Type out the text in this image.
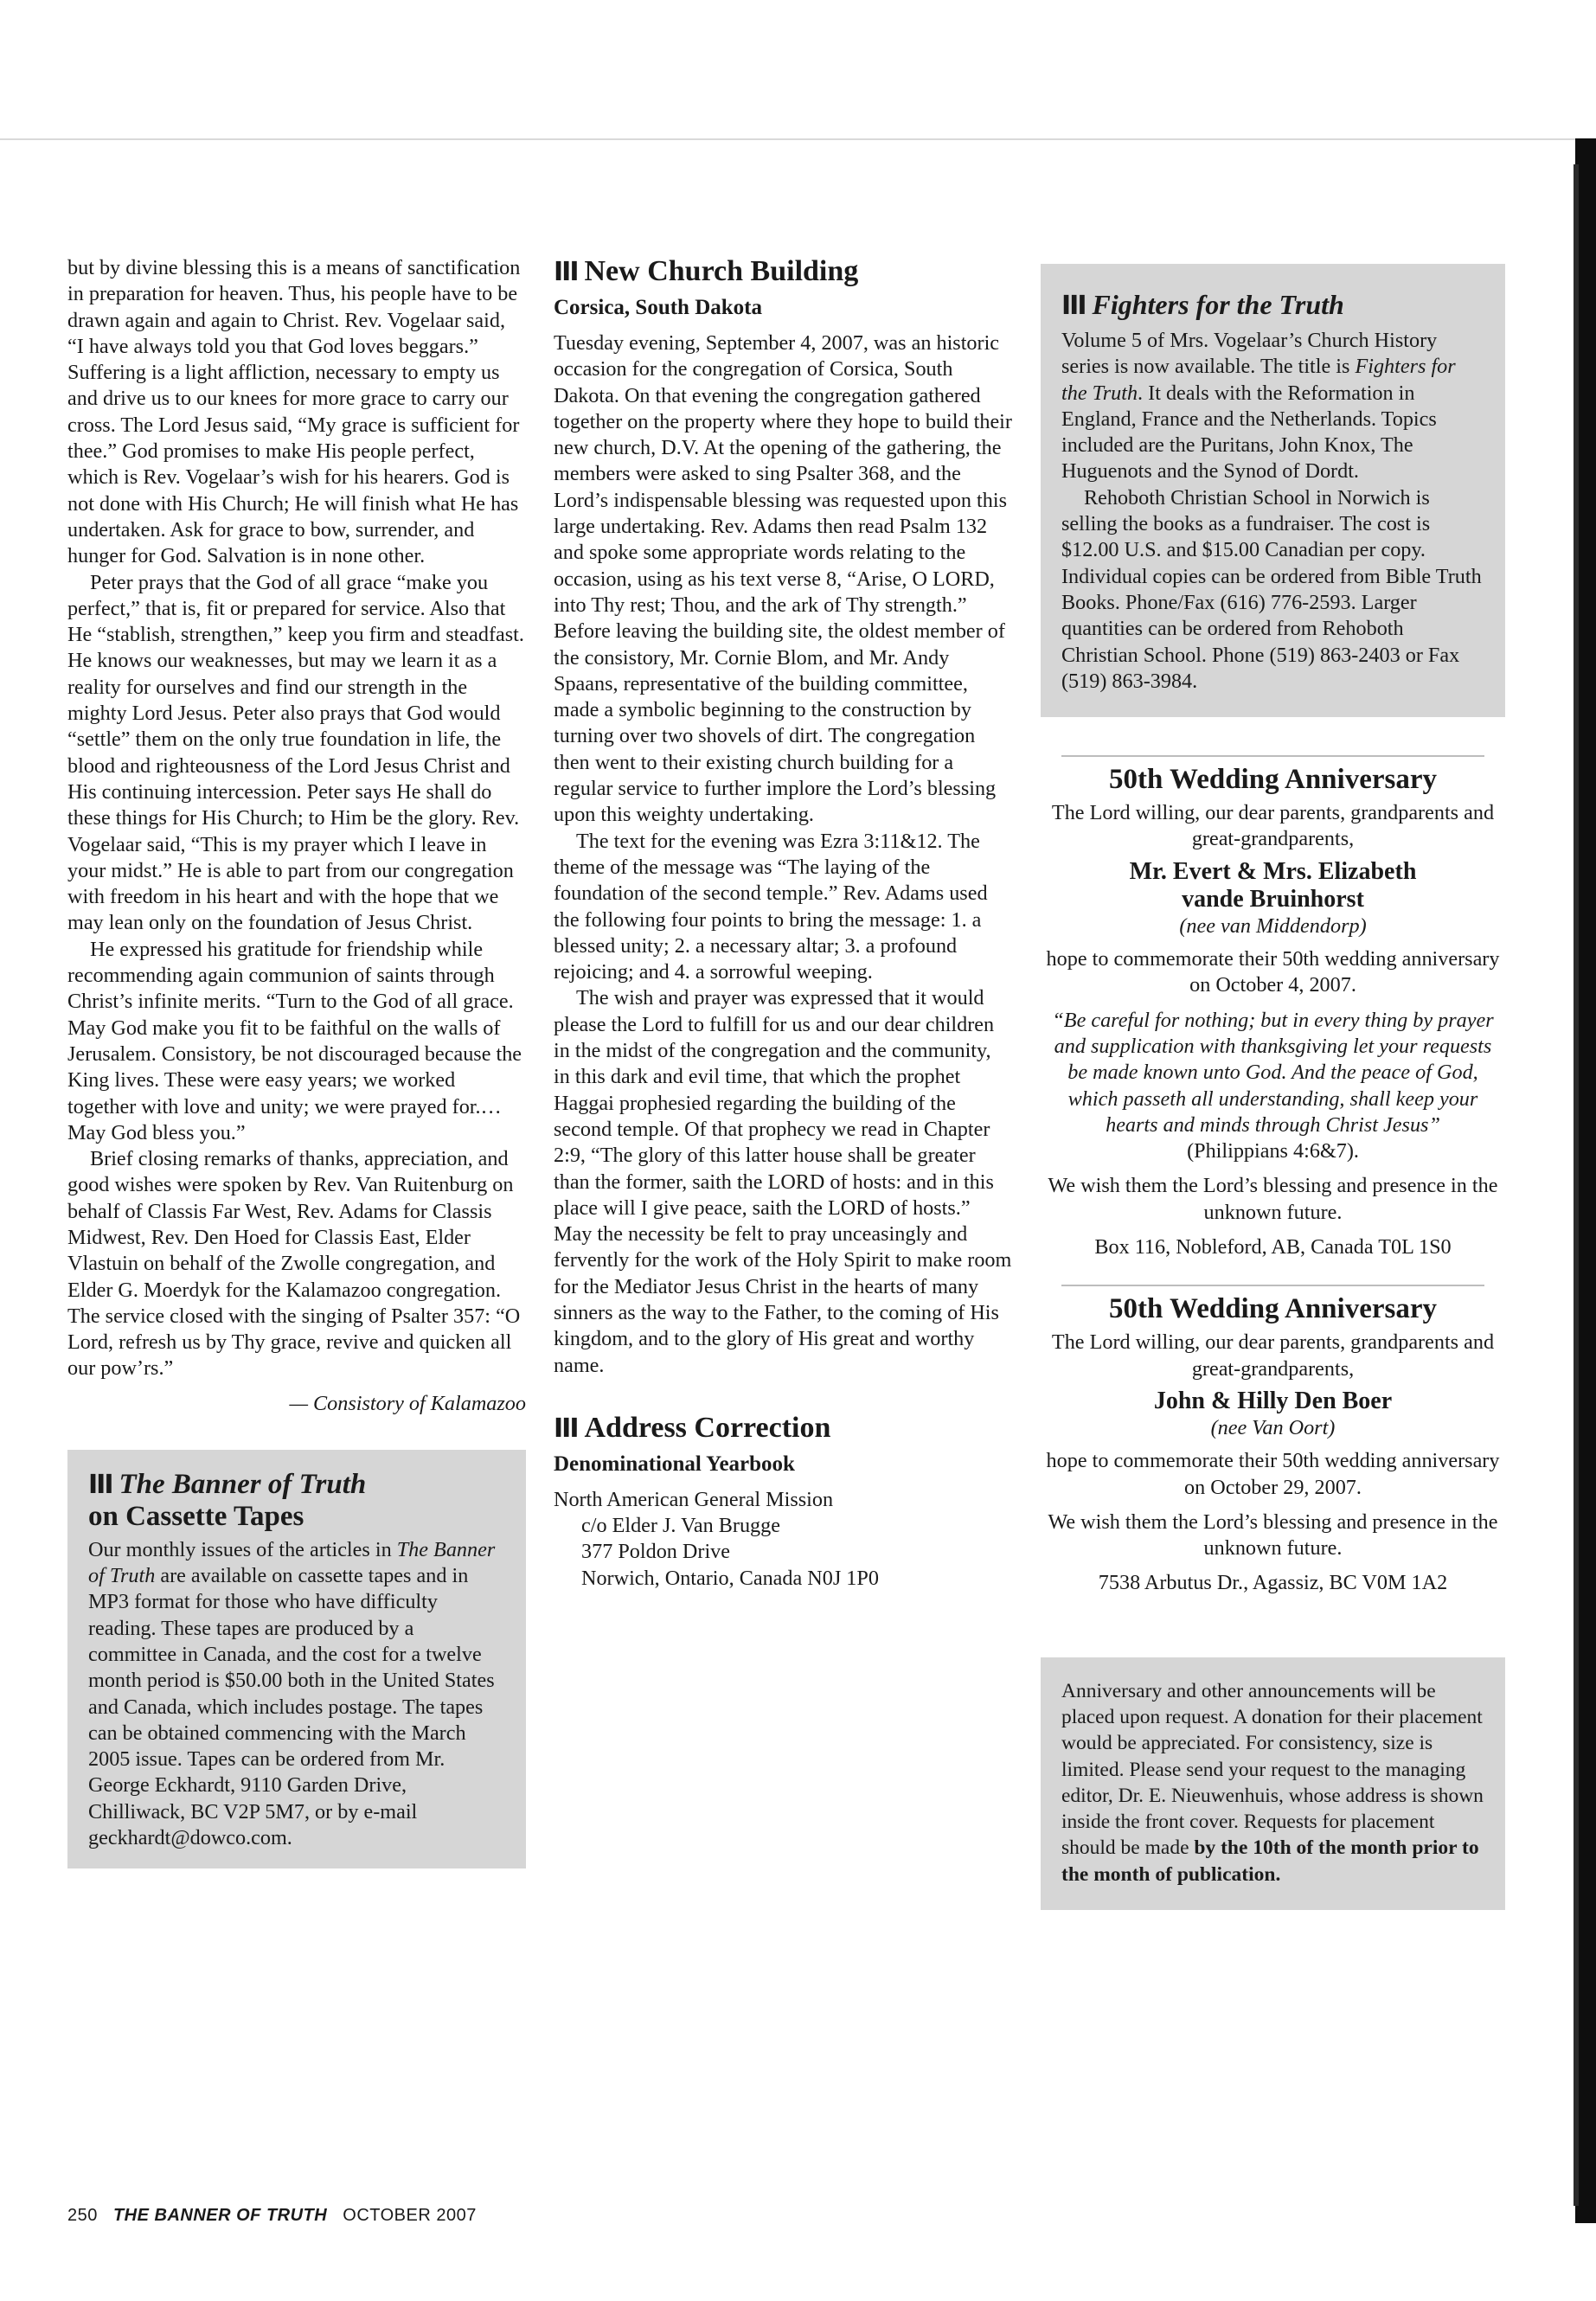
but by divine blessing this is a means of sanctification in preparation for heaven. Thus, his people have to be drawn again and again to Christ. Rev. Vogelaar said, “I have always told you that God loves beggars.” Suffering is a light affliction, necessary to empty us and drive us to our knees for more grace to carry our cross. The Lord Jesus said, “My grace is sufficient for thee.” God promises to make His people perfect, which is Rev. Vogelaar’s wish for his hearers. God is not done with His Church; He will finish what He has undertaken. Ask for grace to bow, surrender, and hunger for God. Salvation is in none other.

Peter prays that the God of all grace “make you perfect,” that is, fit or prepared for service. Also that He “stablish, strengthen,” keep you firm and steadfast. He knows our weaknesses, but may we learn it as a reality for ourselves and find our strength in the mighty Lord Jesus. Peter also prays that God would “settle” them on the only true foundation in life, the blood and righteousness of the Lord Jesus Christ and His continuing intercession. Peter says He shall do these things for His Church; to Him be the glory. Rev. Vogelaar said, “This is my prayer which I leave in your midst.” He is able to part from our congregation with freedom in his heart and with the hope that we may lean only on the foundation of Jesus Christ.

He expressed his gratitude for friendship while recommending again communion of saints through Christ’s infinite merits. “Turn to the God of all grace. May God make you fit to be faithful on the walls of Jerusalem. Consistory, be not discouraged because the King lives. These were easy years; we worked together with love and unity; we were prayed for.…May God bless you.”

Brief closing remarks of thanks, appreciation, and good wishes were spoken by Rev. Van Ruitenburg on behalf of Classis Far West, Rev. Adams for Classis Midwest, Rev. Den Hoed for Classis East, Elder Vlastuin on behalf of the Zwolle congregation, and Elder G. Moerdyk for the Kalamazoo congregation. The service closed with the singing of Psalter 357: “O Lord, refresh us by Thy grace, revive and quicken all our pow’rs.”

— Consistory of Kalamazoo
III The Banner of Truth
on Cassette Tapes

Our monthly issues of the articles in The Banner of Truth are available on cassette tapes and in MP3 format for those who have difficulty reading. These tapes are produced by a committee in Canada, and the cost for a twelve month period is $50.00 both in the United States and Canada, which includes postage. The tapes can be obtained commencing with the March 2005 issue. Tapes can be ordered from Mr. George Eckhardt, 9110 Garden Drive, Chilliwack, BC V2P 5M7, or by e-mail geckhardt@dowco.com.

III New Church Building
Corsica, South Dakota

Tuesday evening, September 4, 2007, was an historic occasion for the congregation of Corsica, South Dakota. On that evening the congregation gathered together on the property where they hope to build their new church, D.V. At the opening of the gathering, the members were asked to sing Psalter 368, and the Lord’s indispensable blessing was requested upon this large undertaking. Rev. Adams then read Psalm 132 and spoke some appropriate words relating to the occasion, using as his text verse 8, “Arise, O LORD, into Thy rest; Thou, and the ark of Thy strength.” Before leaving the building site, the oldest member of the consistory, Mr. Cornie Blom, and Mr. Andy Spaans, representative of the building committee, made a symbolic beginning to the construction by turning over two shovels of dirt. The congregation then went to their existing church building for a regular service to further implore the Lord’s blessing upon this weighty undertaking.

The text for the evening was Ezra 3:11&12. The theme of the message was “The laying of the foundation of the second temple.” Rev. Adams used the following four points to bring the message: 1. a blessed unity; 2. a necessary altar; 3. a profound rejoicing; and 4. a sorrowful weeping.

The wish and prayer was expressed that it would please the Lord to fulfill for us and our dear children in the midst of the congregation and the community, in this dark and evil time, that which the prophet Haggai prophesied regarding the building of the second temple. Of that prophecy we read in Chapter 2:9, “The glory of this latter house shall be greater than the former, saith the LORD of hosts: and in this place will I give peace, saith the LORD of hosts.” May the necessity be felt to pray unceasingly and fervently for the work of the Holy Spirit to make room for the Mediator Jesus Christ in the hearts of many sinners as the way to the Father, to the coming of His kingdom, and to the glory of His great and worthy name.

III Address Correction
Denominational Yearbook

North American General Mission

c/o Elder J. Van Brugge

377 Poldon Drive

Norwich, Ontario, Canada N0J 1P0

III Fighters for the Truth

Volume 5 of Mrs. Vogelaar’s Church History series is now available. The title is Fighters for the Truth. It deals with the Reformation in England, France and the Netherlands. Topics included are the Puritans, John Knox, The Huguenots and the Synod of Dordt.

Rehoboth Christian School in Norwich is selling the books as a fundraiser. The cost is $12.00 U.S. and $15.00 Canadian per copy. Individual copies can be ordered from Bible Truth Books. Phone/Fax (616) 776-2593. Larger quantities can be ordered from Rehoboth Christian School. Phone (519) 863-2403 or Fax (519) 863-3984.

50th Wedding Anniversary

The Lord willing, our dear parents, grandparents and great-grandparents,

Mr. Evert & Mrs. Elizabeth

vande Bruinhorst

(nee van Middendorp)

hope to commemorate their 50th wedding anniversary on October 4, 2007.

“Be careful for nothing; but in every thing by prayer and supplication with thanksgiving let your requests be made known unto God. And the peace of God, which passeth all understanding, shall keep your hearts and minds through Christ Jesus”

(Philippians 4:6&7).

We wish them the Lord’s blessing and presence in the unknown future.

Box 116, Nobleford, AB, Canada T0L 1S0

50th Wedding Anniversary

The Lord willing, our dear parents, grandparents and great-grandparents,

John & Hilly Den Boer

(nee Van Oort)

hope to commemorate their 50th wedding anniversary on October 29, 2007.

We wish them the Lord’s blessing and presence in the unknown future.

7538 Arbutus Dr., Agassiz, BC V0M 1A2

Anniversary and other announcements will be placed upon request. A donation for their placement would be appreciated. For consistency, size is limited. Please send your request to the managing editor, Dr. E. Nieuwenhuis, whose address is shown inside the front cover. Requests for placement should be made by the 10th of the month prior to the month of publication.

250 THE BANNER OF TRUTH OCTOBER 2007
